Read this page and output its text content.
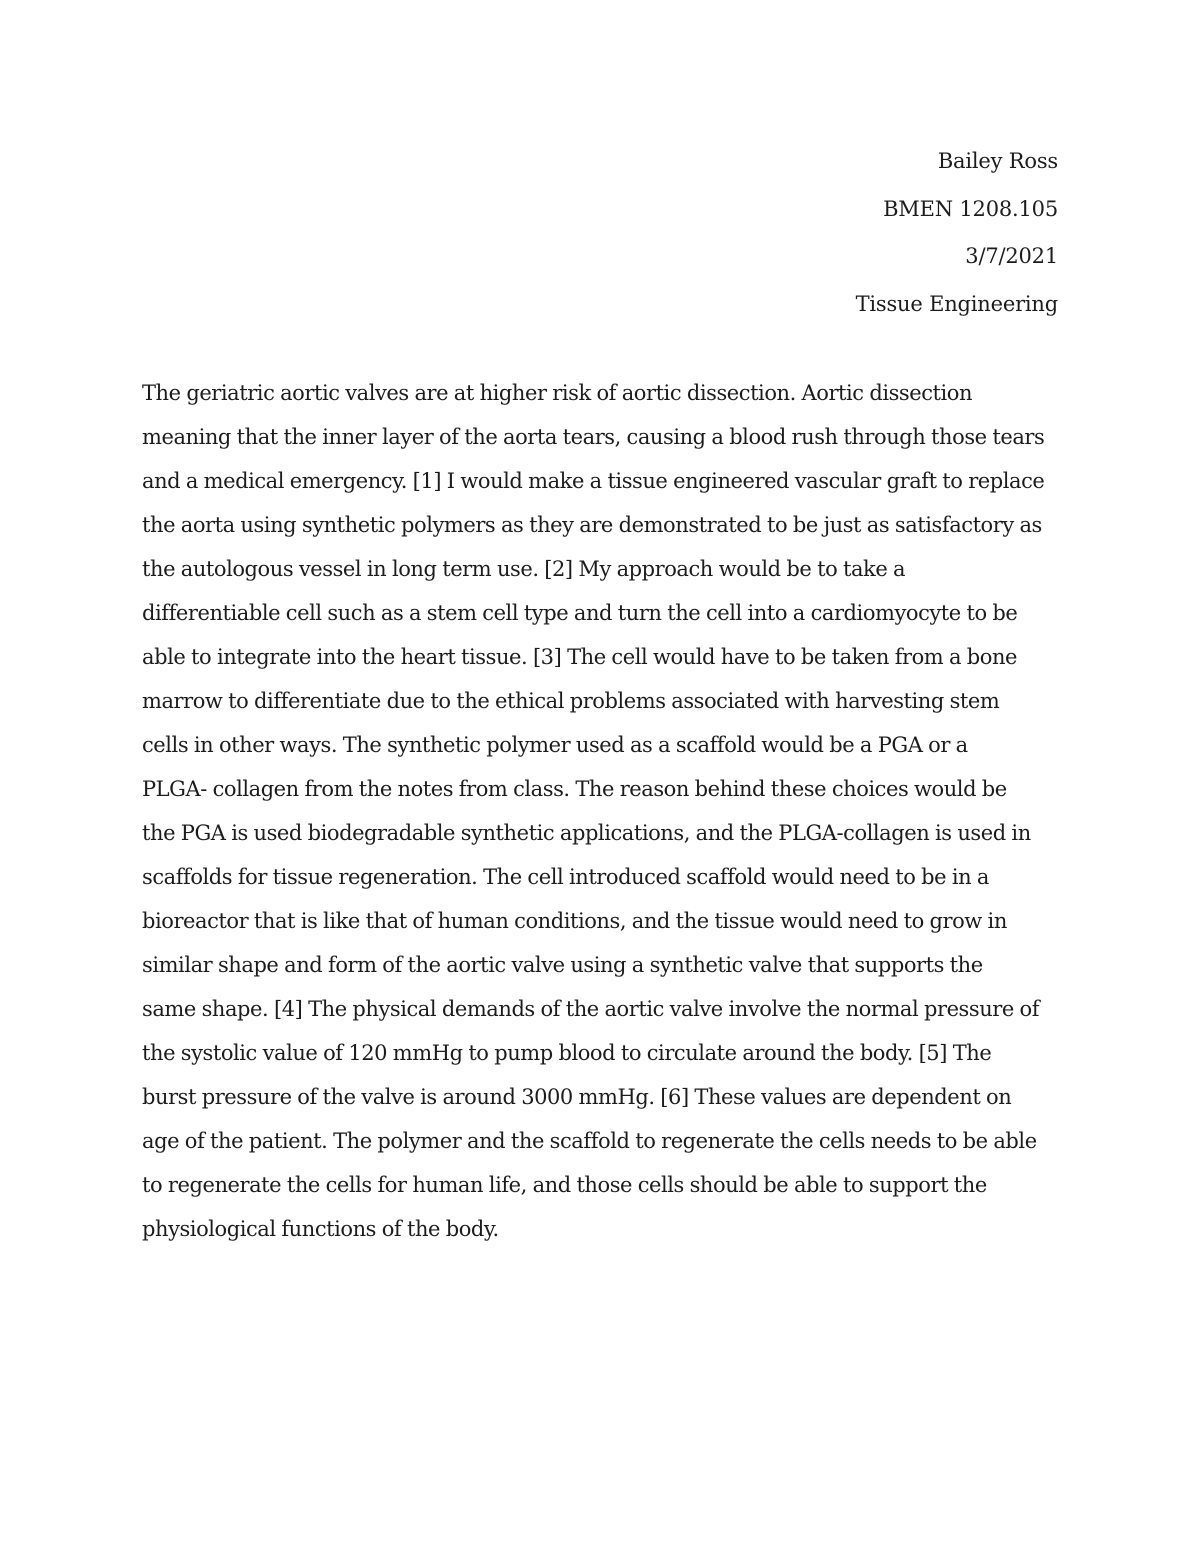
Bailey Ross
BMEN 1208.105
3/7/2021
Tissue Engineering
The geriatric aortic valves are at higher risk of aortic dissection. Aortic dissection
meaning that the inner layer of the aorta tears, causing a blood rush through those tears
and a medical emergency. [1] I would make a tissue engineered vascular graft to replace
the aorta using synthetic polymers as they are demonstrated to be just as satisfactory as
the autologous vessel in long term use. [2] My approach would be to take a
differentiable cell such as a stem cell type and turn the cell into a cardiomyocyte to be
able to integrate into the heart tissue. [3] The cell would have to be taken from a bone
marrow to differentiate due to the ethical problems associated with harvesting stem
cells in other ways. The synthetic polymer used as a scaffold would be a PGA or a
PLGA- collagen from the notes from class. The reason behind these choices would be
the PGA is used biodegradable synthetic applications, and the PLGA-collagen is used in
scaffolds for tissue regeneration. The cell introduced scaffold would need to be in a
bioreactor that is like that of human conditions, and the tissue would need to grow in
similar shape and form of the aortic valve using a synthetic valve that supports the
same shape. [4] The physical demands of the aortic valve involve the normal pressure of
the systolic value of 120 mmHg to pump blood to circulate around the body. [5] The
burst pressure of the valve is around 3000 mmHg. [6] These values are dependent on
age of the patient. The polymer and the scaffold to regenerate the cells needs to be able
to regenerate the cells for human life, and those cells should be able to support the
physiological functions of the body.
